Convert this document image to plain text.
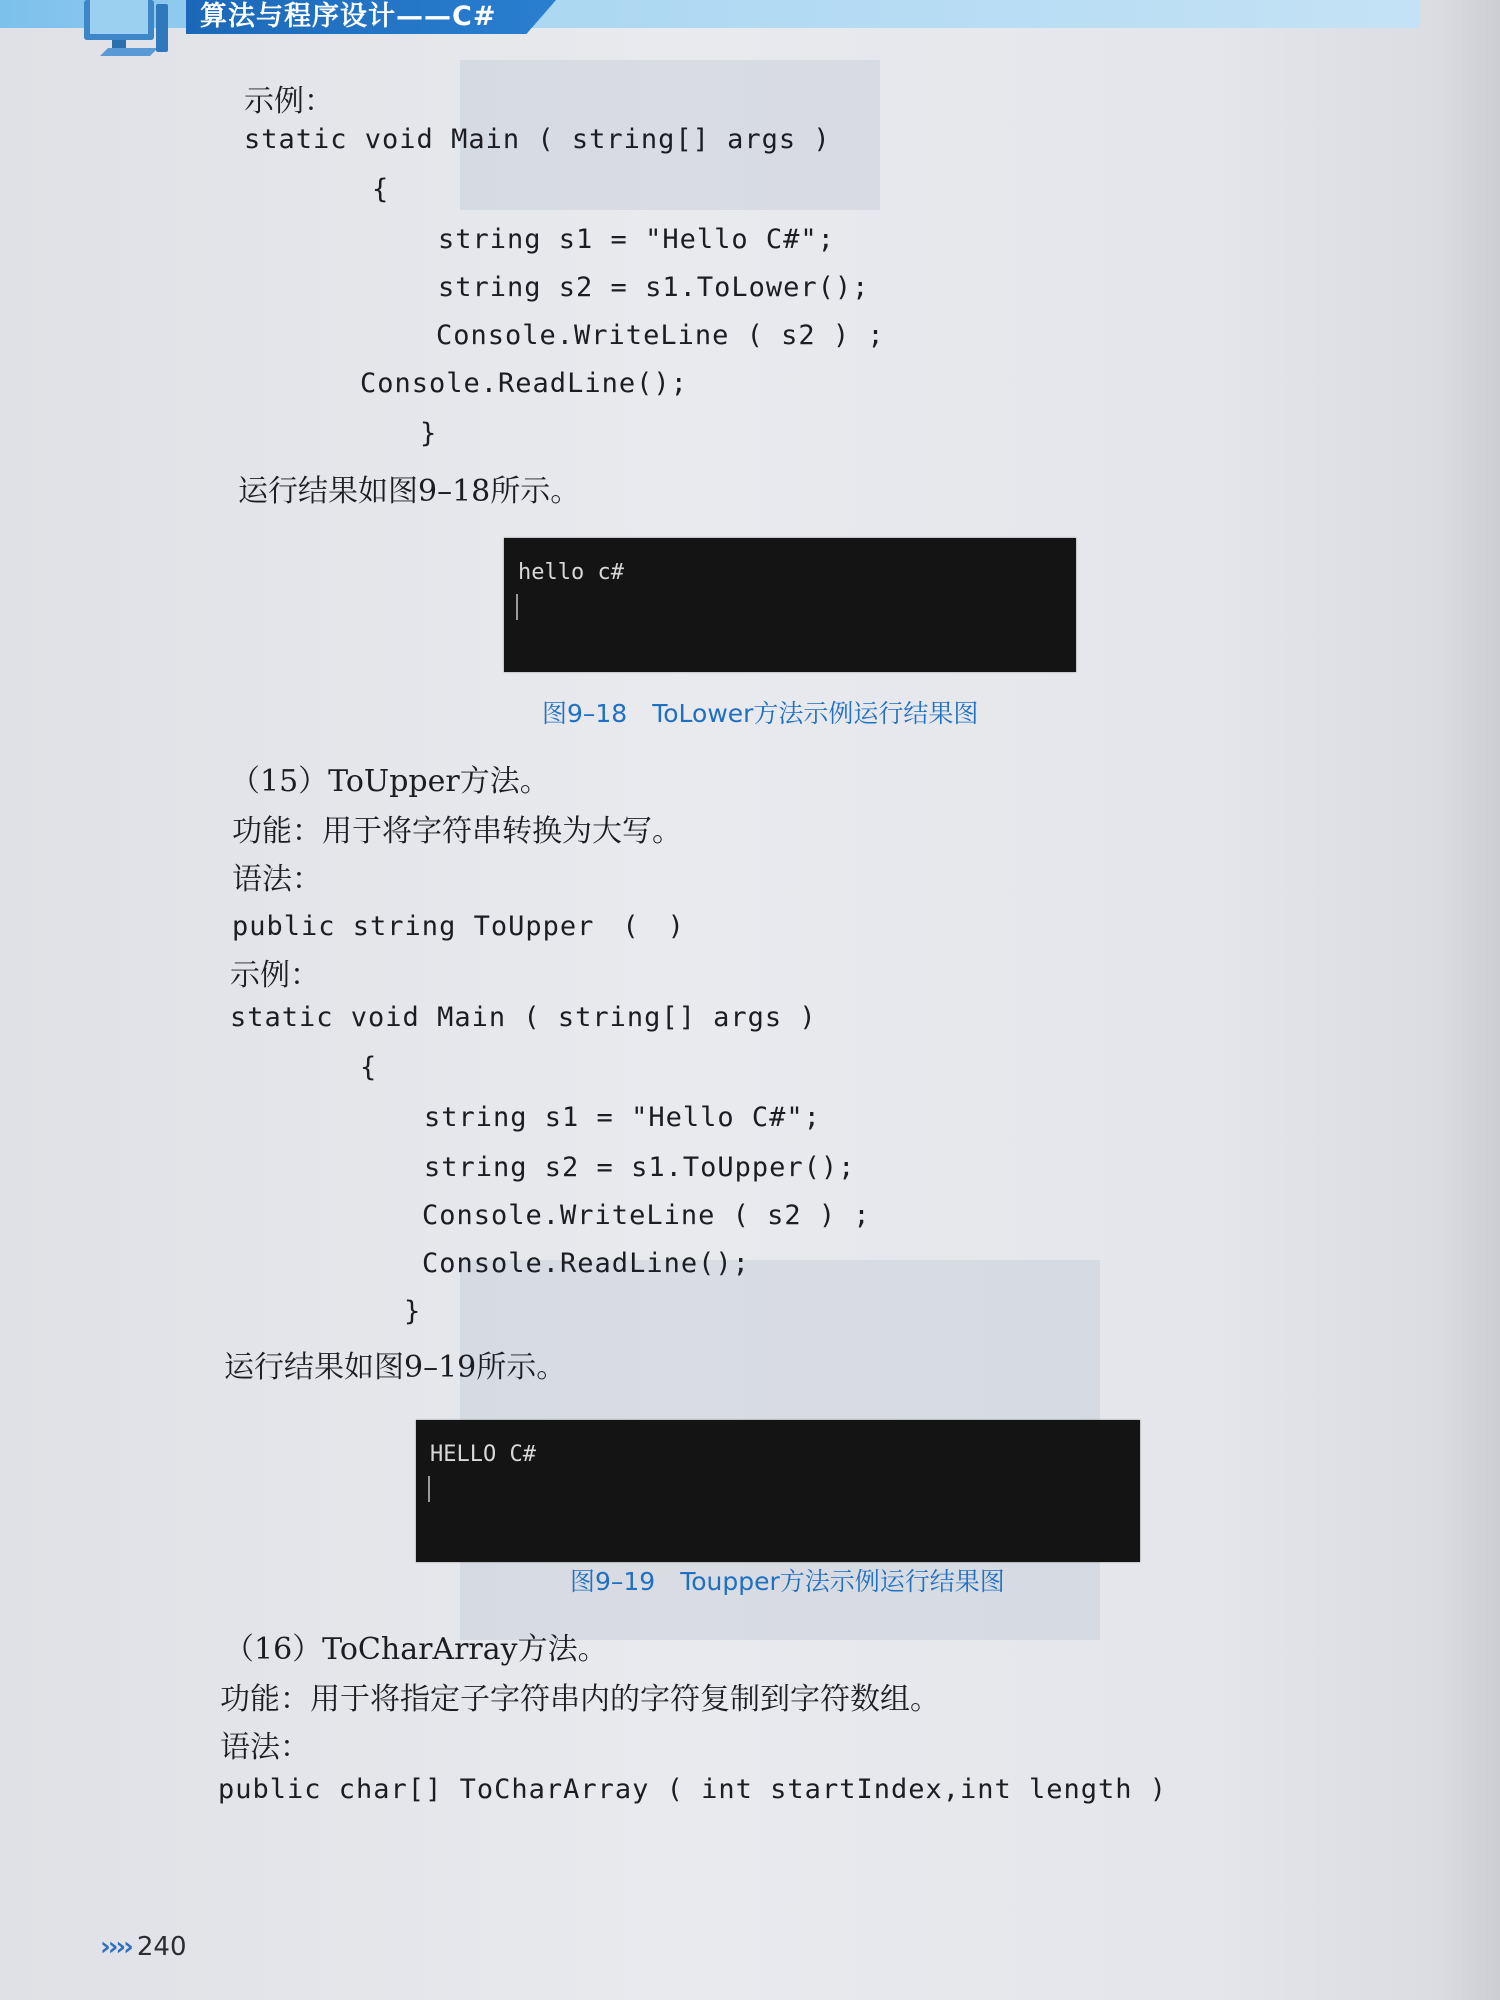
算法与程序设计——C#
示例：
static void Main ( string[] args )
{
string s1 = "Hello C#";
string s2 = s1.ToLower();
Console.WriteLine ( s2 ) ;
Console.ReadLine();
}
运行结果如图9–18所示。
hello c#
图9–18　ToLower方法示例运行结果图
（15）ToUpper方法。
功能：用于将字符串转换为大写。
语法：
public string ToUpper　(　)
示例：
static void Main ( string[] args )
{
string s1 = "Hello C#";
string s2 = s1.ToUpper();
Console.WriteLine ( s2 ) ;
Console.ReadLine();
}
运行结果如图9–19所示。
HELLO C#
图9–19　Toupper方法示例运行结果图
（16）ToCharArray方法。
功能：用于将指定子字符串内的字符复制到字符数组。
语法：
public char[] ToCharArray ( int startIndex,int length )
›››› 240
